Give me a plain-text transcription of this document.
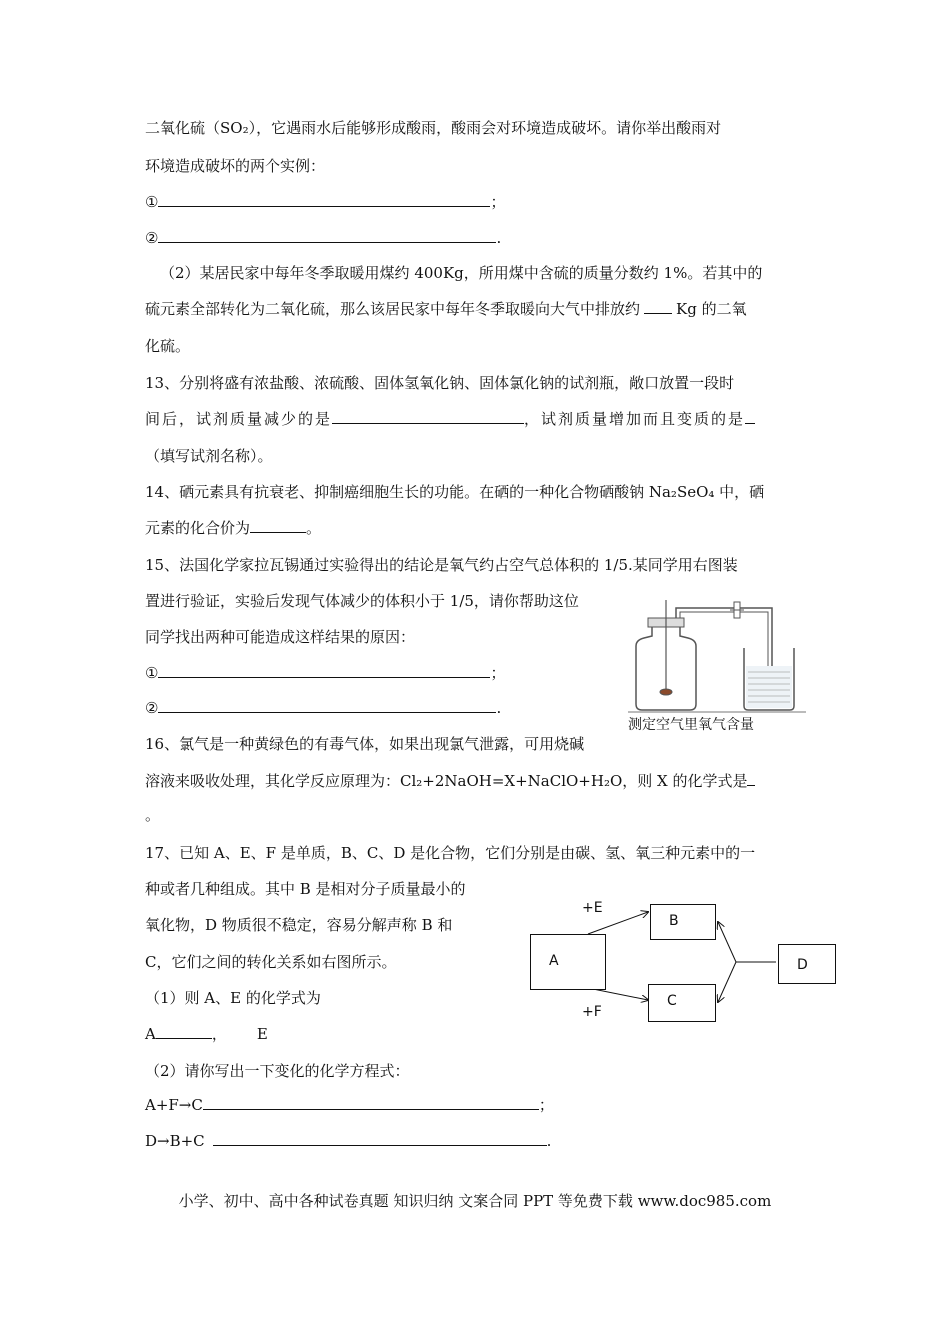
二氧化硫（SO₂），它遇雨水后能够形成酸雨，酸雨会对环境造成破坏。请你举出酸雨对
环境造成破坏的两个实例：
①	；
②	.
（2）某居民家中每年冬季取暖用煤约 400Kg，所用煤中含硫的质量分数约 1%。若其中的
硫元素全部转化为二氧化硫，那么该居民家中每年冬季取暖向大气中排放约 Kg 的二氧
化硫。
13、分别将盛有浓盐酸、浓硫酸、固体氢氧化钠、固体氯化钠的试剂瓶，敞口放置一段时
间后，试剂质量减少的是	，试剂质量增加而且变质的是
（填写试剂名称）。
14、硒元素具有抗衰老、抑制癌细胞生长的功能。在硒的一种化合物硒酸钠 Na₂SeO₄ 中，硒
元素的化合价为	。
15、法国化学家拉瓦锡通过实验得出的结论是氧气约占空气总体积的 1/5.某同学用右图装
置进行验证，实验后发现气体减少的体积小于 1/5，请你帮助这位
同学找出两种可能造成这样结果的原因：
①	；
②	.
16、氯气是一种黄绿色的有毒气体，如果出现氯气泄露，可用烧碱
溶液来吸收处理，其化学反应原理为：Cl₂+2NaOH=X+NaClO+H₂O，则 X 的化学式是
。
17、已知 A、E、F 是单质，B、C、D 是化合物，它们分别是由碳、氢、氧三种元素中的一
种或者几种组成。其中 B 是相对分子质量最小的
氧化物，D 物质很不稳定，容易分解声称 B 和
C，它们之间的转化关系如右图所示。
（1）则 A、E 的化学式为
A	， E
（2）请你写出一下变化的化学方程式：
A+F→C	；
D→B+C	.
测定空气里氧气含量
A
B
C
D
+E
+F
小学、初中、高中各种试卷真题 知识归纳 文案合同 PPT 等免费下载 www.doc985.com
